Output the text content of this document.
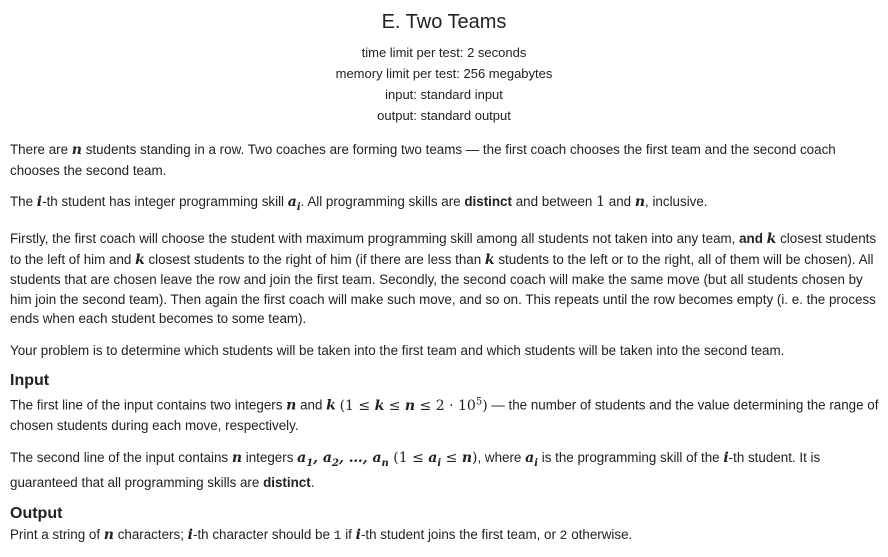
E. Two Teams
time limit per test: 2 seconds
memory limit per test: 256 megabytes
input: standard input
output: standard output

There are n students standing in a row. Two coaches are forming two teams — the first coach chooses the first team and the second coach chooses the second team.

The i-th student has integer programming skill $a_i$. All programming skills are distinct and between 1 and n, inclusive.

Firstly, the first coach will choose the student with maximum programming skill among all students not taken into any team, and k closest students to the left of him and k closest students to the right of him (if there are less than k students to the left or to the right, all of them will be chosen). All students that are chosen leave the row and join the first team. Secondly, the second coach will make the same move (but all students chosen by him join the second team). Then again the first coach will make such move, and so on. This repeats until the row becomes empty (i. e. the process ends when each student becomes to some team).

Your problem is to determine which students will be taken into the first team and which students will be taken into the second team.

Input

The first line of the input contains two integers n and k $(1 \le k \le n \le 2 \cdot 10^5)$ — the number of students and the value determining the range of chosen students during each move, respectively.

The second line of the input contains n integers $a_1$, $a_2$, …, $a_n$ $(1 \le a_i \le n)$, where $a_i$ is the programming skill of the i-th student. It is guaranteed that all programming skills are distinct.

Output

Print a string of n characters; i-th character should be 1 if i-th student joins the first team, or 2 otherwise.
